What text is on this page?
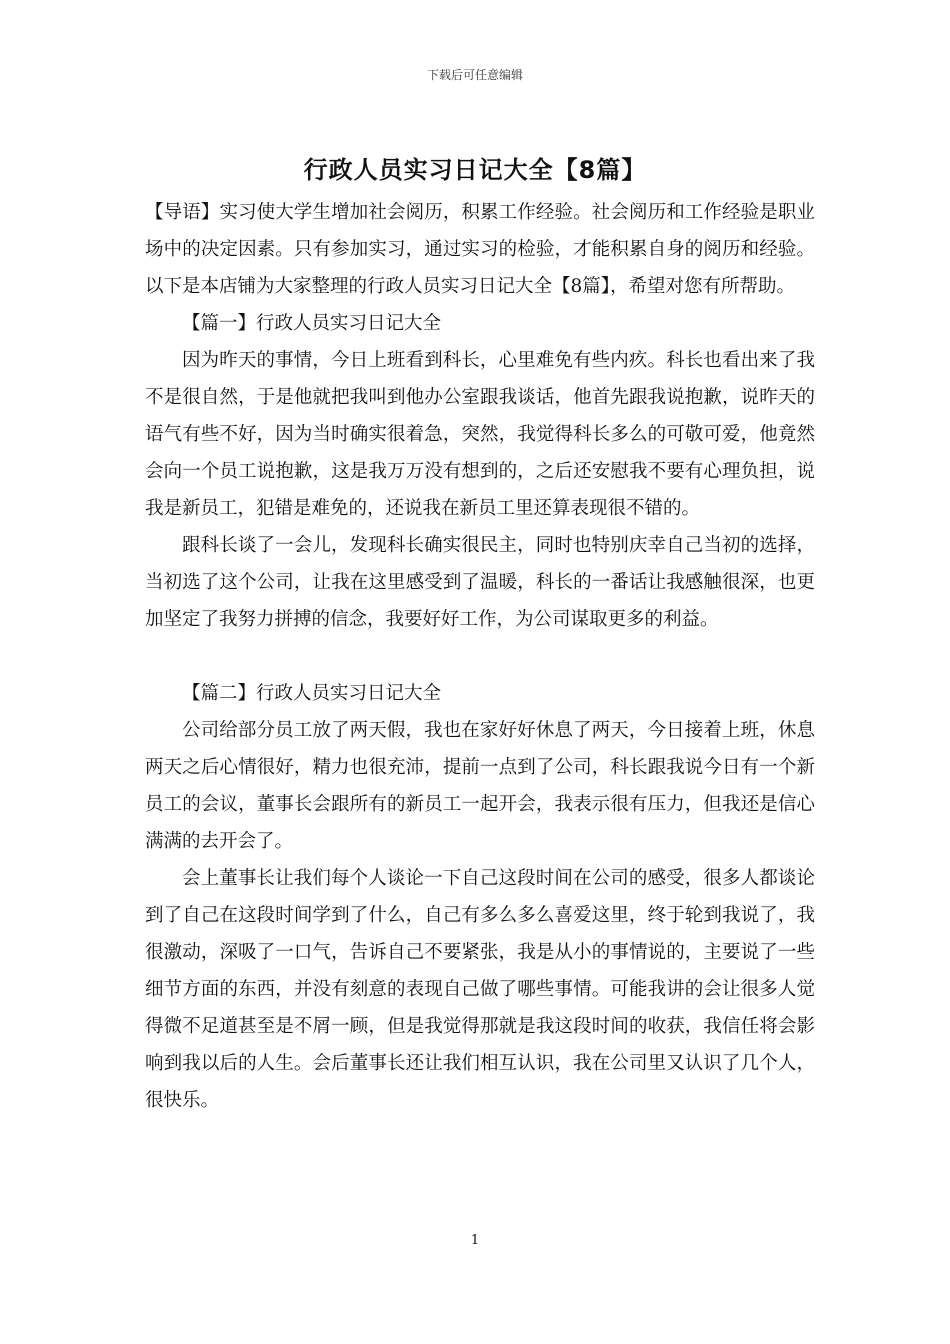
下载后可任意编辑
行政人员实习日记大全【8篇】

【导语】实习使大学生增加社会阅历，积累工作经验。社会阅历和工作经验是职业场中的决定因素。只有参加实习，通过实习的检验，才能积累自身的阅历和经验。以下是本店铺为大家整理的行政人员实习日记大全【8篇】，希望对您有所帮助。

【篇一】行政人员实习日记大全

因为昨天的事情，今日上班看到科长，心里难免有些内疚。科长也看出来了我不是很自然，于是他就把我叫到他办公室跟我谈话，他首先跟我说抱歉，说昨天的语气有些不好，因为当时确实很着急，突然，我觉得科长多么的可敬可爱，他竟然会向一个员工说抱歉，这是我万万没有想到的，之后还安慰我不要有心理负担，说我是新员工，犯错是难免的，还说我在新员工里还算表现很不错的。

跟科长谈了一会儿，发现科长确实很民主，同时也特别庆幸自己当初的选择，当初选了这个公司，让我在这里感受到了温暖，科长的一番话让我感触很深，也更加坚定了我努力拼搏的信念，我要好好工作，为公司谋取更多的利益。

【篇二】行政人员实习日记大全

公司给部分员工放了两天假，我也在家好好休息了两天，今日接着上班，休息两天之后心情很好，精力也很充沛，提前一点到了公司，科长跟我说今日有一个新员工的会议，董事长会跟所有的新员工一起开会，我表示很有压力，但我还是信心满满的去开会了。

会上董事长让我们每个人谈论一下自己这段时间在公司的感受，很多人都谈论到了自己在这段时间学到了什么，自己有多么多么喜爱这里，终于轮到我说了，我很激动，深吸了一口气，告诉自己不要紧张，我是从小的事情说的，主要说了一些细节方面的东西，并没有刻意的表现自己做了哪些事情。可能我讲的会让很多人觉得微不足道甚至是不屑一顾，但是我觉得那就是我这段时间的收获，我信任将会影响到我以后的人生。会后董事长还让我们相互认识，我在公司里又认识了几个人，很快乐。

1
